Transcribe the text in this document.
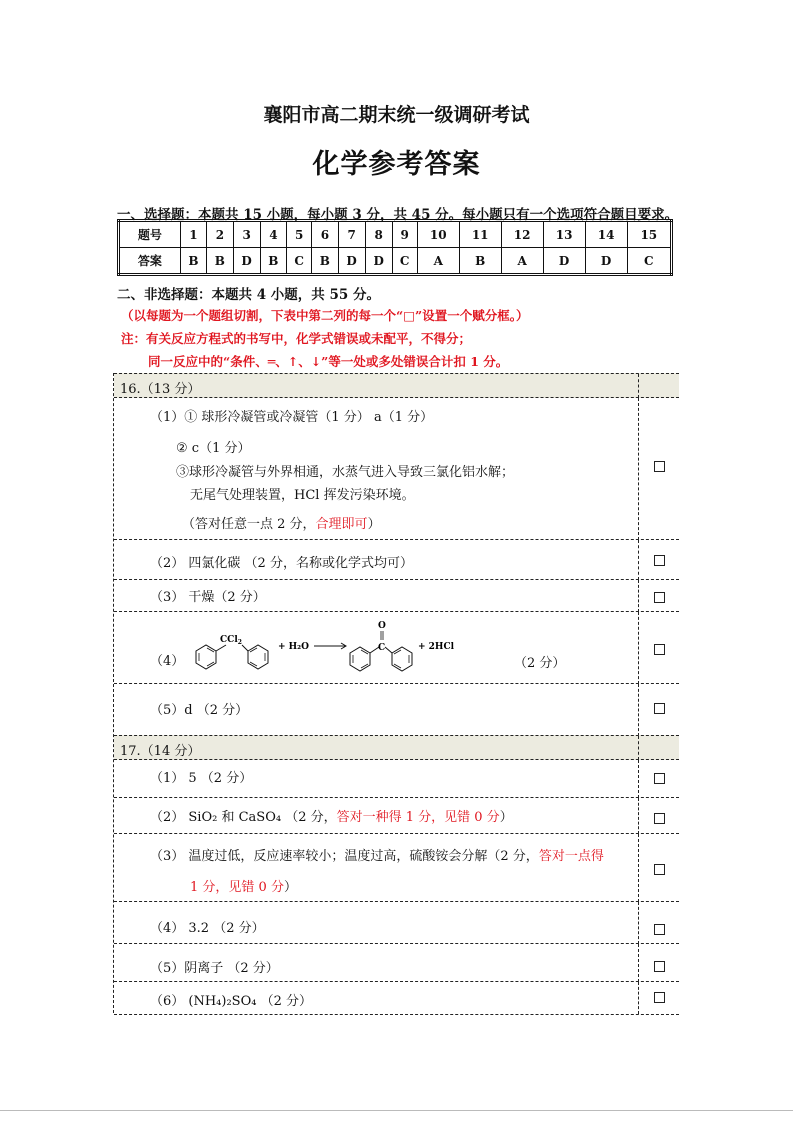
襄阳市高二期末统一级调研考试
化学参考答案
一、选择题：本题共 15 小题，每小题 3 分，共 45 分。每小题只有一个选项符合题目要求。
题号	1	2	3	4	5	6	7	8	9	10	11	12	13	14	15
答案	B	B	D	B	C	B	D	D	C	A	B	A	D	D	C
二、非选择题：本题共 4 小题，共 55 分。
（以每题为一个题组切割，下表中第二列的每一个“□”设置一个赋分框。）
注：有关反应方程式的书写中，化学式错误或未配平，不得分；
同一反应中的“条件、═、↑、↓”等一处或多处错误合计扣 1 分。
16.（13 分）
（1）① 球形冷凝管或冷凝管（1 分） a（1 分）
② c（1 分）
③球形冷凝管与外界相通，水蒸气进入导致三氯化铝水解；
无尾气处理装置，HCl 挥发污染环境。
（答对任意一点 2 分，合理即可）
（2） 四氯化碳 （2 分，名称或化学式均可）
（3） 干燥（2 分）
（4）
CCl$_2$	+ H₂O	C
O
+ 2HCl
（2 分）
（5）d （2 分）
17.（14 分）
（1） 5 （2 分）
（2） SiO₂ 和 CaSO₄ （2 分，答对一种得 1 分，见错 0 分）
（3） 温度过低，反应速率较小；温度过高，硫酸铵会分解（2 分，答对一点得
1 分，见错 0 分）
（4） 3.2 （2 分）
（5）阴离子 （2 分）
（6） (NH₄)₂SO₄ （2 分）
